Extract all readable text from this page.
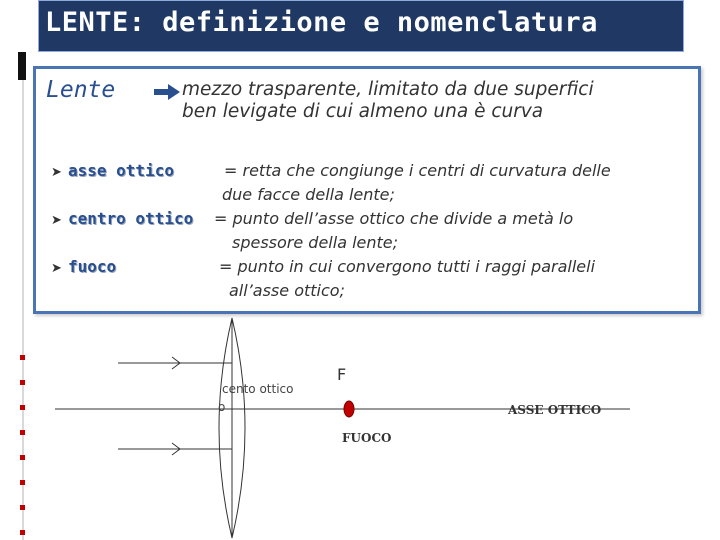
LENTE: definizione e nomenclatura
Lente	mezzo trasparente, limitato da due superfici
ben levigate di cui almeno una è curva
➤ asse ottico	= retta che congiunge i centri di curvatura delle
due facce della lente;
➤ centro ottico = punto dell’asse ottico che divide a metà lo
spessore della lente;
➤ fuoco	= punto in cui convergono tutti i raggi paralleli
all’asse ottico;
cento ottico
o
F
ASSE OTTICO
FUOCO
